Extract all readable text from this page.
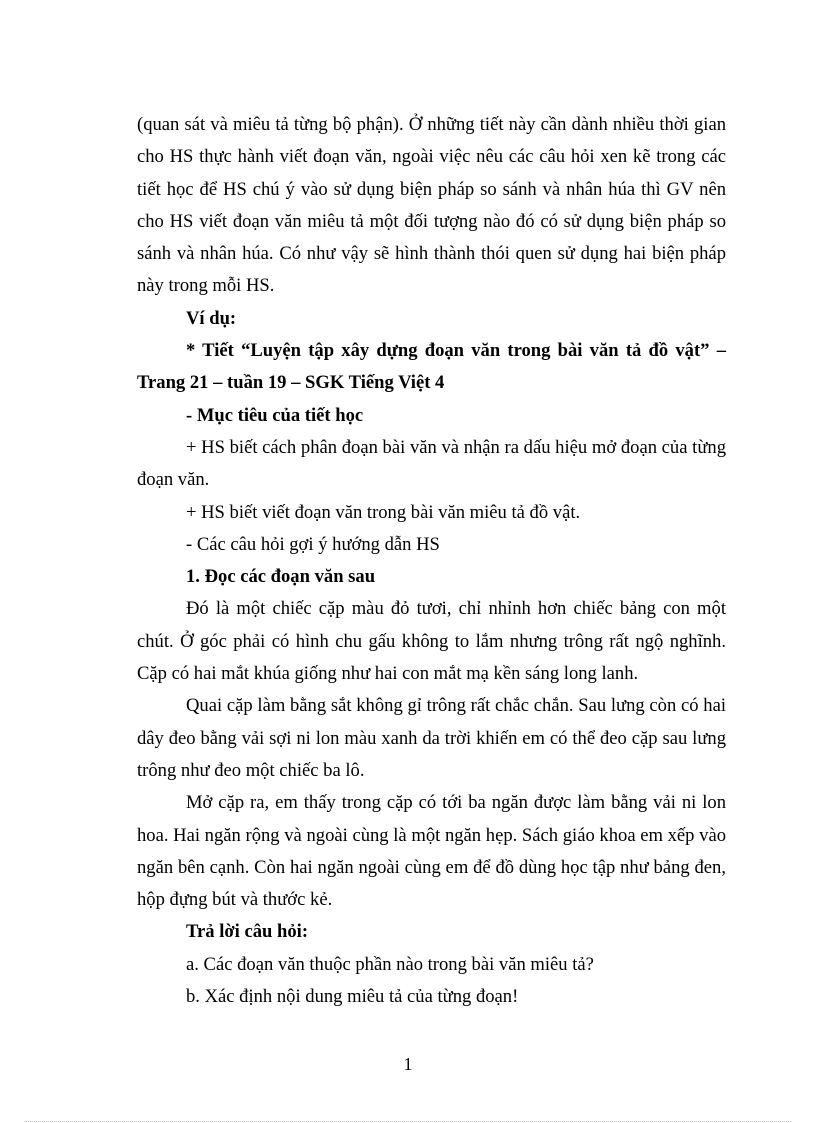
(quan sát và miêu tả từng bộ phận). Ở những tiết này cần dành nhiều thời gian cho HS thực hành viết đoạn văn, ngoài việc nêu các câu hỏi xen kẽ trong các tiết học để HS chú ý vào sử dụng biện pháp so sánh và nhân húa thì GV nên cho HS viết đoạn văn miêu tả một đối tượng nào đó có sử dụng biện pháp so sánh và nhân húa. Có như vậy sẽ hình thành thói quen sử dụng hai biện pháp này trong mỗi HS.

Ví dụ:

* Tiết “Luyện tập xây dựng đoạn văn trong bài văn tả đồ vật” – Trang 21 – tuần 19 – SGK Tiếng Việt 4

- Mục tiêu của tiết học

+ HS biết cách phân đoạn bài văn và nhận ra dấu hiệu mở đoạn của từng đoạn văn.

+ HS biết viết đoạn văn trong bài văn miêu tả đồ vật.

- Các câu hỏi gợi ý hướng dẫn HS

1. Đọc các đoạn văn sau

Đó là một chiếc cặp màu đỏ tươi, chỉ nhỉnh hơn chiếc bảng con một chút. Ở góc phải có hình chu gấu không to lắm nhưng trông rất ngộ nghĩnh. Cặp có hai mắt khúa giống như hai con mắt mạ kền sáng long lanh.

Quai cặp làm bằng sắt không gỉ trông rất chắc chắn. Sau lưng còn có hai dây đeo bằng vải sợi ni lon màu xanh da trời khiến em có thể đeo cặp sau lưng trông như đeo một chiếc ba lô.

Mở cặp ra, em thấy trong cặp có tới ba ngăn được làm bằng vải ni lon hoa. Hai ngăn rộng và ngoài cùng là một ngăn hẹp. Sách giáo khoa em xếp vào ngăn bên cạnh. Còn hai ngăn ngoài cùng em để đồ dùng học tập như bảng đen, hộp đựng bút và thước kẻ.

Trả lời câu hỏi:

a. Các đoạn văn thuộc phần nào trong bài văn miêu tả?

b. Xác định nội dung miêu tả của từng đoạn!

1
